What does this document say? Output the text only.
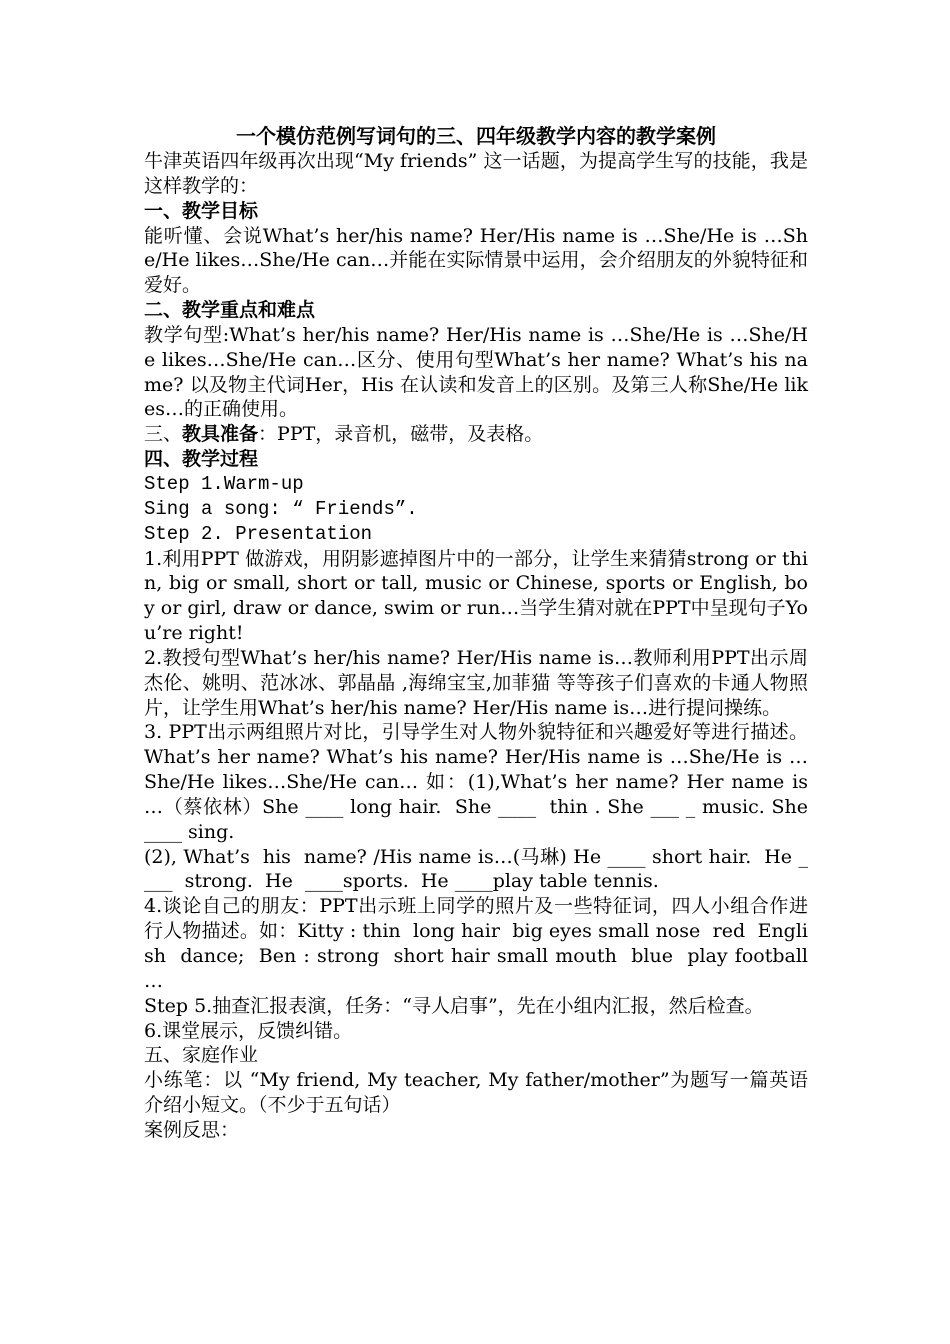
一个模仿范例写词句的三、四年级教学内容的教学案例

牛津英语四年级再次出现“My friends” 这一话题，为提高学生写的技能，我是这样教学的：

一、教学目标

能听懂、会说What’s her/his name? Her/His name is …She/He is …She/He likes…She/He can…并能在实际情景中运用，会介绍朋友的外貌特征和爱好。

二、教学重点和难点

教学句型:What’s her/his name? Her/His name is …She/He is …She/He likes…She/He can…区分、使用句型What’s her name? What’s his name? 以及物主代词Her，His 在认读和发音上的区别。及第三人称She/He likes…的正确使用。

三、教具准备：PPT，录音机，磁带，及表格。

四、教学过程

Step 1.Warm-up

Sing a song: “ Friends”.

Step 2. Presentation

1.利用PPT 做游戏，用阴影遮掉图片中的一部分，让学生来猜猜strong or thin, big or small, short or tall, music or Chinese, sports or English, boy or girl, draw or dance, swim or run…当学生猜对就在PPT中呈现句子You’re right!

2.教授句型What’s her/his name? Her/His name is…教师利用PPT出示周杰伦、姚明、范冰冰、郭晶晶 ,海绵宝宝,加菲猫 等等孩子们喜欢的卡通人物照片，让学生用What’s her/his name? Her/His name is…进行提问操练。

3. PPT出示两组照片对比，引导学生对人物外貌特征和兴趣爱好等进行描述。What’s her name? What’s his name? Her/His name is …She/He is …She/He likes…She/He can… 如：(1),What’s her name? Her name is …（蔡依林）She ____ long hair.  She ____  thin . She ___ _ music. She ____ sing.

(2), What’s  his  name? /His name is…(马琳) He ____ short hair.  He ____  strong.  He  ____sports.  He ____play table tennis.

4.谈论自己的朋友：PPT出示班上同学的照片及一些特征词，四人小组合作进行人物描述。如：Kitty : thin  long hair  big eyes small nose  red  English  dance;  Ben : strong  short hair small mouth  blue  play football …

Step 5.抽查汇报表演，任务：“寻人启事”，先在小组内汇报，然后检查。

6.课堂展示，反馈纠错。

五、家庭作业

小练笔：以 “My friend, My teacher, My father/mother”为题写一篇英语介绍小短文。（不少于五句话）

案例反思：
